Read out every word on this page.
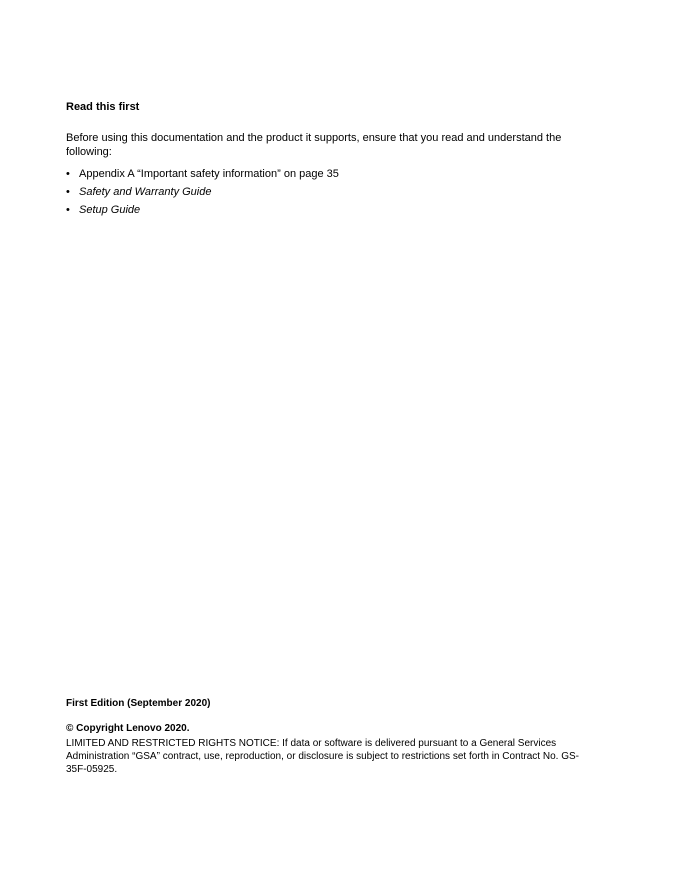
Read this first

Before using this documentation and the product it supports, ensure that you read and understand the following:

• Appendix A “Important safety information” on page 35
• Safety and Warranty Guide
• Setup Guide

First Edition (September 2020)

© Copyright Lenovo 2020.

LIMITED AND RESTRICTED RIGHTS NOTICE: If data or software is delivered pursuant to a General Services Administration “GSA” contract, use, reproduction, or disclosure is subject to restrictions set forth in Contract No. GS-35F-05925.
